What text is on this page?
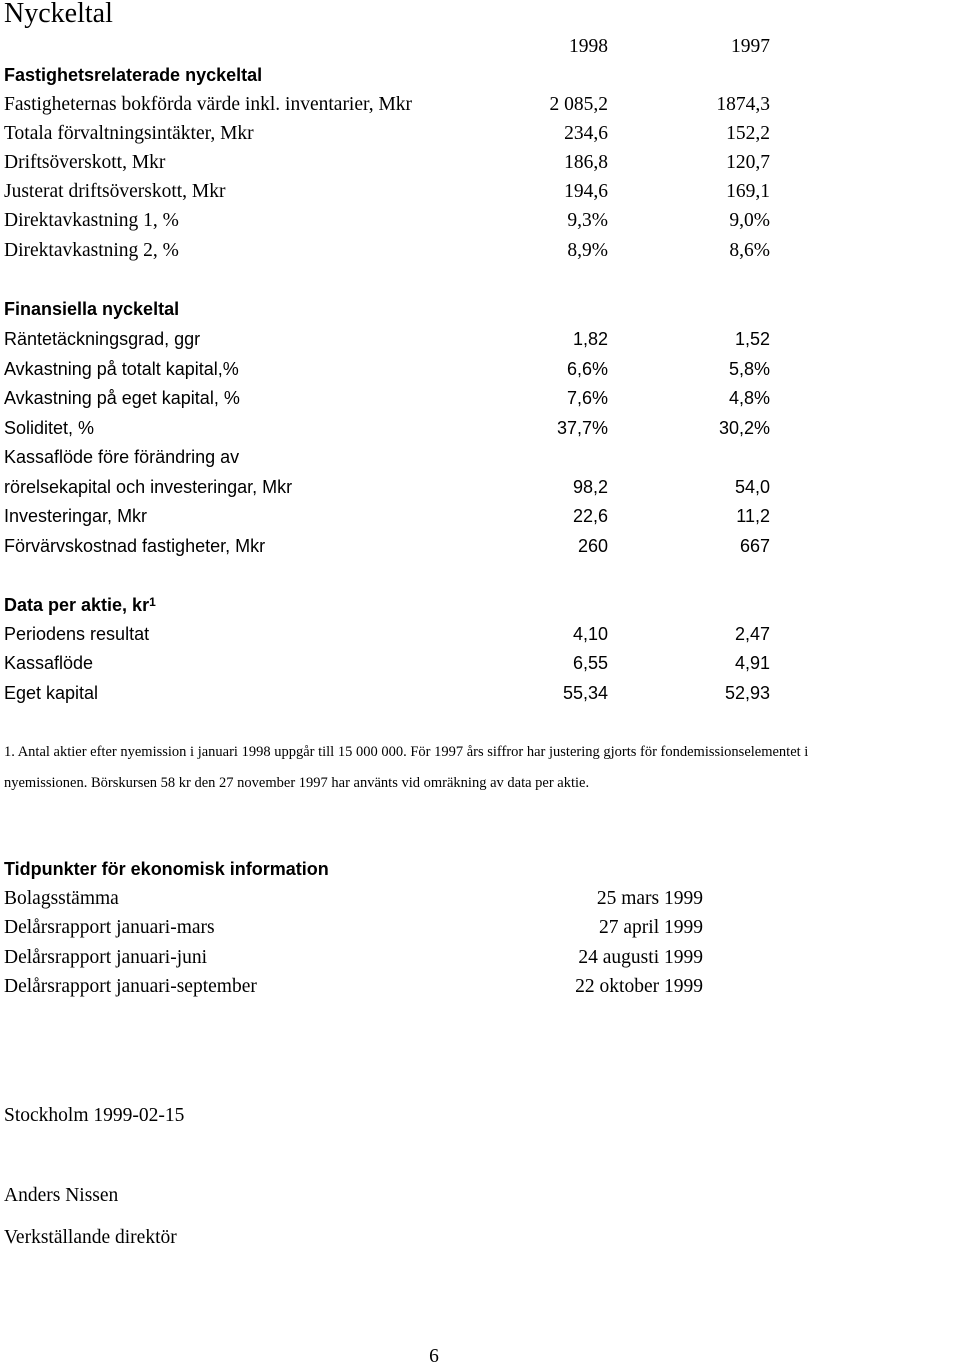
Nyckeltal
1998	1997
Fastighetsrelaterade nyckeltal
Fastigheternas bokförda värde inkl. inventarier, Mkr	2 085,2	1874,3
Totala förvaltningsintäkter, Mkr	234,6	152,2
Driftsöverskott, Mkr	186,8	120,7
Justerat driftsöverskott, Mkr	194,6	169,1
Direktavkastning 1, %	9,3%	9,0%
Direktavkastning 2, %	8,9%	8,6%
Finansiella nyckeltal
Räntetäckningsgrad, ggr	1,82	1,52
Avkastning på totalt kapital,%	6,6%	5,8%
Avkastning på eget kapital, %	7,6%	4,8%
Soliditet, %	37,7%	30,2%
Kassaflöde före förändring av
rörelsekapital och investeringar, Mkr	98,2	54,0
Investeringar, Mkr	22,6	11,2
Förvärvskostnad fastigheter, Mkr	260	667
Data per aktie, $kr^1$
Periodens resultat	4,10	2,47
Kassaflöde	6,55	4,91
Eget kapital	55,34	52,93
1. Antal aktier efter nyemission i januari 1998 uppgår till 15 000 000. För 1997 års siffror har justering gjorts för fondemissionselementet i
nyemissionen. Börskursen 58 kr den 27 november 1997 har använts vid omräkning av data per aktie.
Tidpunkter för ekonomisk information
Bolagsstämma	25 mars 1999
Delårsrapport januari-mars	27 april 1999
Delårsrapport januari-juni	24 augusti 1999
Delårsrapport januari-september	22 oktober 1999
Stockholm 1999-02-15
Anders Nissen
Verkställande direktör
6
